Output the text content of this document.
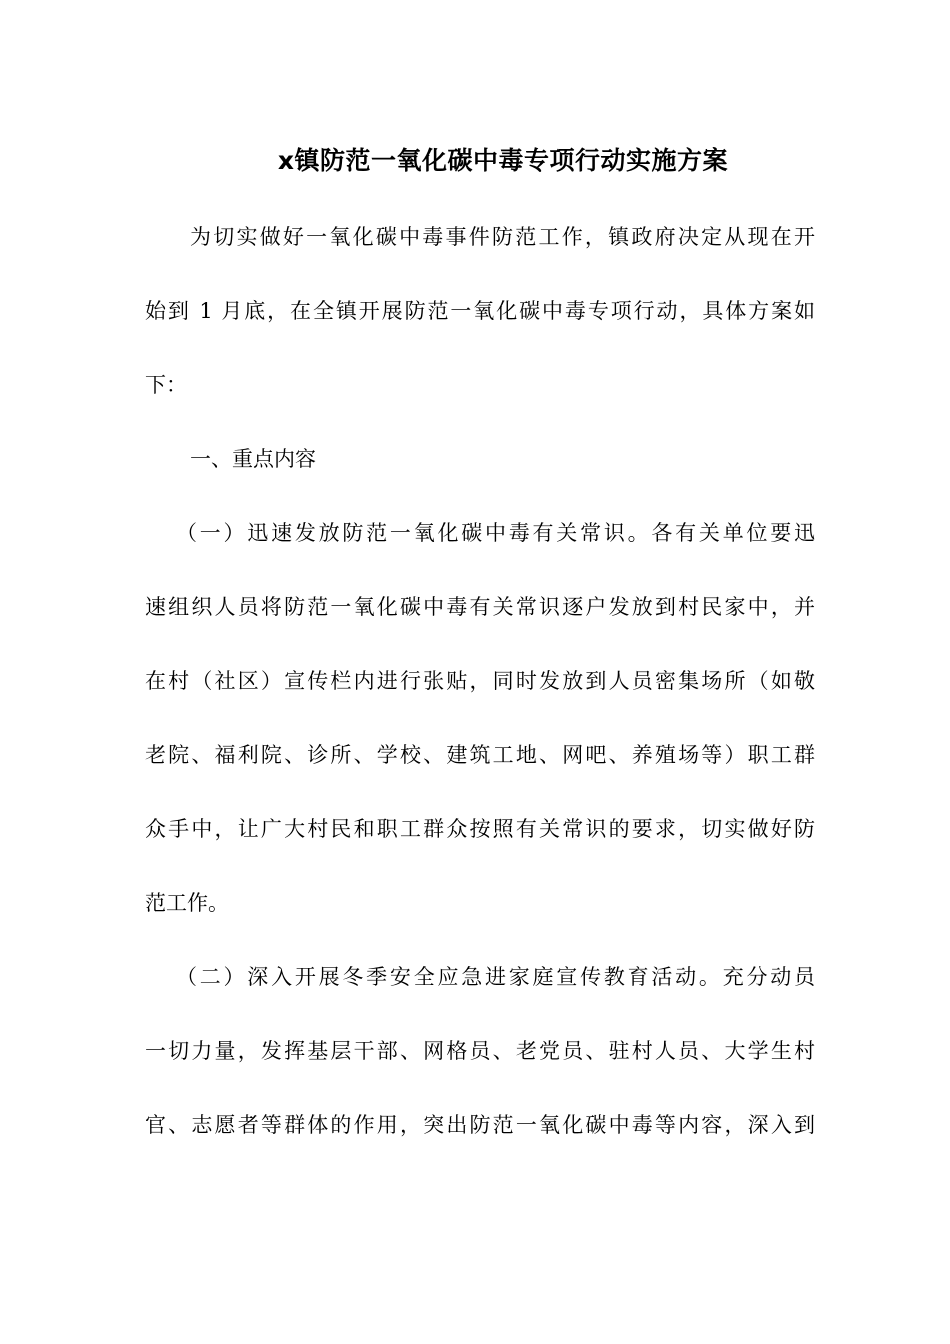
x镇防范一氧化碳中毒专项行动实施方案
为切实做好一氧化碳中毒事件防范工作，镇政府决定从现在开
始到 1 月底，在全镇开展防范一氧化碳中毒专项行动，具体方案如
下：
一、重点内容
（一）迅速发放防范一氧化碳中毒有关常识。各有关单位要迅
速组织人员将防范一氧化碳中毒有关常识逐户发放到村民家中，并
在村（社区）宣传栏内进行张贴，同时发放到人员密集场所（如敬
老院、福利院、诊所、学校、建筑工地、网吧、养殖场等）职工群
众手中，让广大村民和职工群众按照有关常识的要求，切实做好防
范工作。
（二）深入开展冬季安全应急进家庭宣传教育活动。充分动员
一切力量，发挥基层干部、网格员、老党员、驻村人员、大学生村
官、志愿者等群体的作用，突出防范一氧化碳中毒等内容，深入到
